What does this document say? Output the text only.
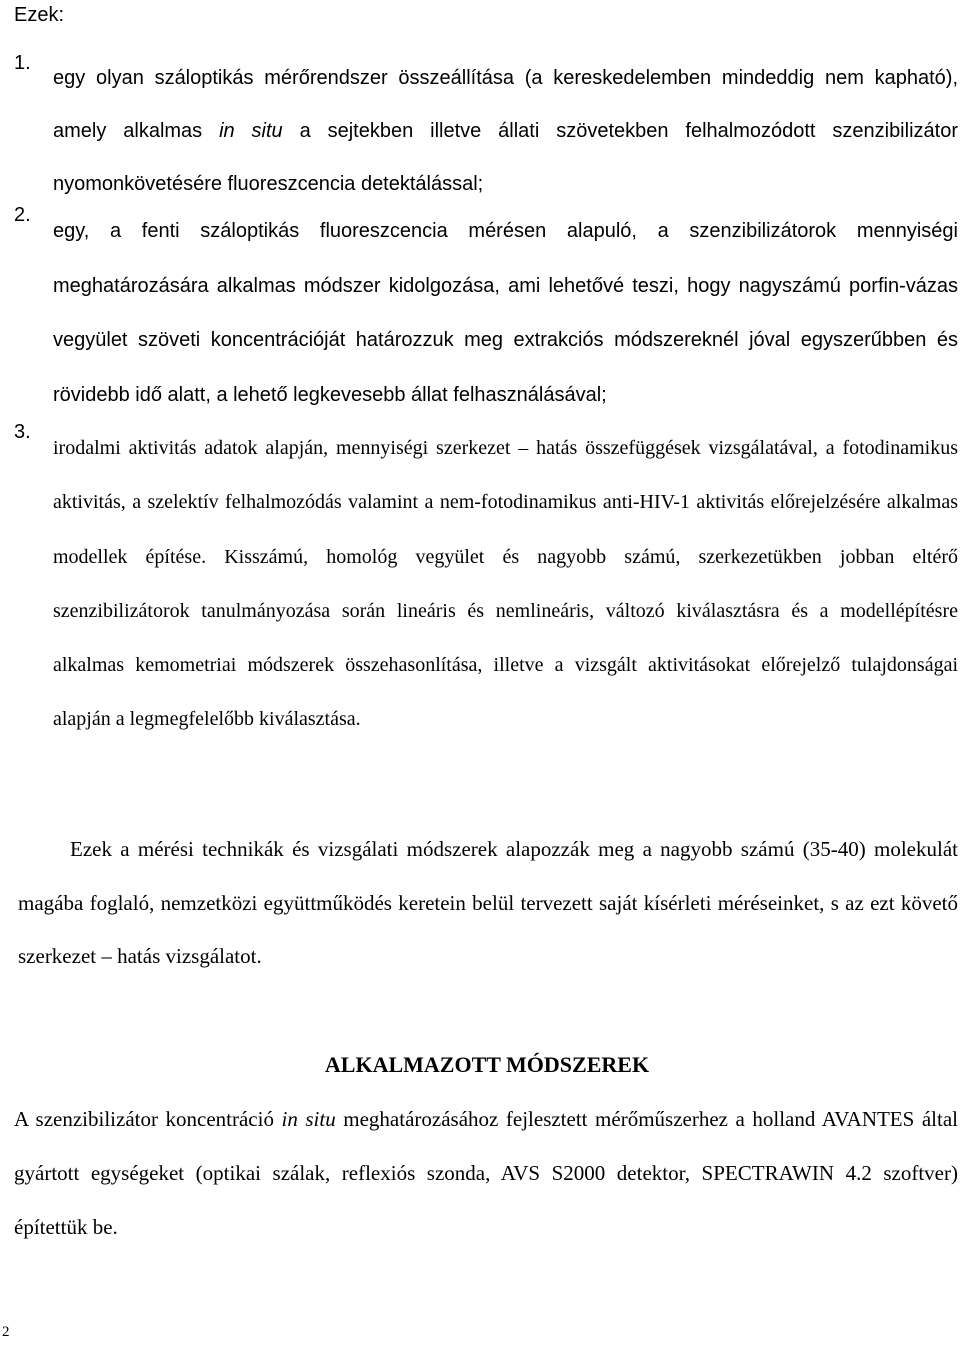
Ezek:

1.
egy olyan száloptikás mérőrendszer összeállítása (a kereskedelemben mindeddig nem kapható), amely alkalmas in situ a sejtekben illetve állati szövetekben felhalmozódott szenzibilizátor nyomonkövetésére fluoreszcencia detektálással;
2.
egy, a fenti száloptikás fluoreszcencia mérésen alapuló, a szenzibilizátorok mennyiségi meghatározására alkalmas módszer kidolgozása, ami lehetővé teszi, hogy nagyszámú porfin-vázas vegyület szöveti koncentrációját határozzuk meg extrakciós módszereknél jóval egyszerűbben és rövidebb idő alatt, a lehető legkevesebb állat felhasználásával;
3.
irodalmi aktivitás adatok alapján, mennyiségi szerkezet ‒ hatás összefüggések vizsgálatával, a fotodinamikus aktivitás, a szelektív felhalmozódás valamint a nem-fotodinamikus anti-HIV-1 aktivitás előrejelzésére alkalmas modellek építése. Kisszámú, homológ vegyület és nagyobb számú, szerkezetükben jobban eltérő szenzibilizátorok tanulmányozása során lineáris és nemlineáris, változó kiválasztásra és a modellépítésre alkalmas kemometriai módszerek összehasonlítása, illetve a vizsgált aktivitásokat előrejelző tulajdonságai alapján a legmegfelelőbb kiválasztása.

Ezek a mérési technikák és vizsgálati módszerek alapozzák meg a nagyobb számú (35-40) molekulát magába foglaló, nemzetközi együttműködés keretein belül tervezett saját kísérleti méréseinket, s az ezt követő szerkezet ‒ hatás vizsgálatot.

ALKALMAZOTT MÓDSZEREK

A szenzibilizátor koncentráció in situ meghatározásához fejlesztett mérőműszerhez a holland AVANTES által gyártott egységeket (optikai szálak, reflexiós szonda, AVS S2000 detektor, SPECTRAWIN 4.2 szoftver) építettük be.

2
